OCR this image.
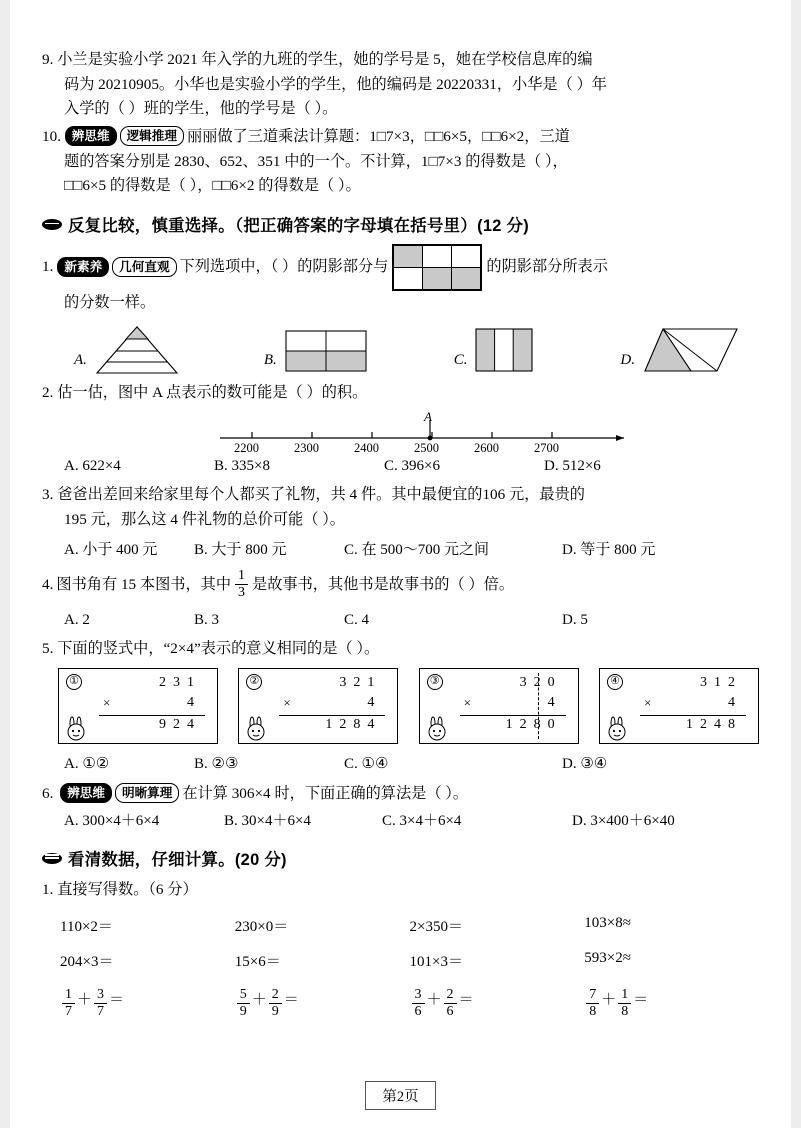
9. 小兰是实验小学 2021 年入学的九班的学生，她的学号是 5，她在学校信息库的编
码为 20210905。小华也是实验小学的学生，他的编码是 20220331，小华是（ ）年
入学的（ ）班的学生，他的学号是（ ）。
10. 辨思维 逻辑推理 丽丽做了三道乘法计算题：1□7×3，□□6×5，□□6×2，三道
题的答案分别是 2830、652、351 中的一个。不计算，1□7×3 的得数是（ ），
□□6×5 的得数是（ ），□□6×2 的得数是（ ）。
反复比较，慎重选择。（把正确答案的字母填在括号里）(12 分)
1. 新素养	几何直观 下列选项中，（ ）的阴影部分与

			的阴影部分所表示
的分数一样。
A.	B.	C.	D.
2. 估一估，图中 A 点表示的数可能是（ ）的积。
A
2200	2300	2400	2500	2600	2700
A. 622×4	B. 335×8	C. 396×6	D. 512×6
3. 爸爸出差回来给家里每个人都买了礼物，共 4 件。其中最便宜的106 元，最贵的
195 元，那么这 4 件礼物的总价可能（ ）。
A. 小于 400 元	B. 大于 800 元	C. 在 500～700 元之间	D. 等于 800 元
4. 图书角有 15 本图书，其中 $\frac{1}{3}$ 是故事书，其他书是故事书的（ ）倍。
A. 2	B. 3	C. 4	D. 5
5. 下面的竖式中，“2×4”表示的意义相同的是（ ）。
①	231
×	4
924
②	321
×	4
1284
③	320
×	4
1280
④	312
×	4
1248
A. ①②	B. ②③	C. ①④	D. ③④
6. 辨思维 明晰算理 在计算 306×4 时，下面正确的算法是（ ）。
A. 300×4＋6×4	B. 30×4＋6×4	C. 3×4＋6×4	D. 3×400＋6×40
看清数据，仔细计算。(20 分)
1. 直接写得数。（6 分）
110×2＝	230×0＝	2×350＝	103×8≈
204×3＝	15×6＝	101×3＝	593×2≈
$\frac{1}{7} + \frac{3}{7}$ ＝	$\frac{5}{9} + \frac{2}{9}$ ＝	$\frac{3}{6} + \frac{2}{6}$ ＝	$\frac{7}{8} + \frac{1}{8}$ ＝
第2页
